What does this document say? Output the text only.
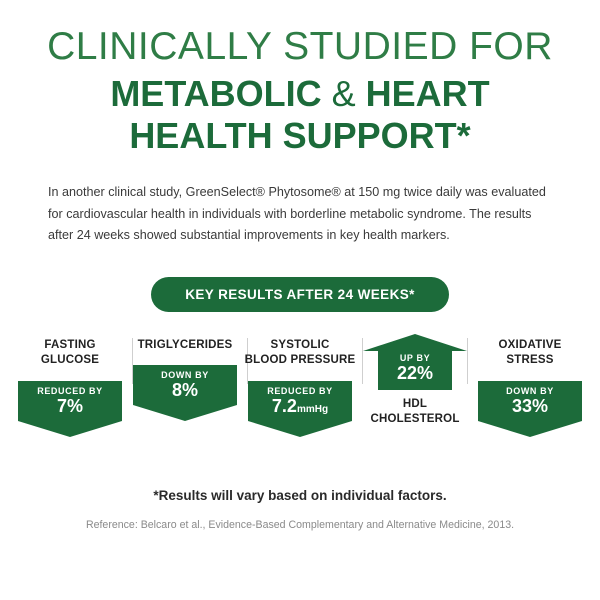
CLINICALLY STUDIED FOR
METABOLIC & HEART
HEALTH SUPPORT*

In another clinical study, GreenSelect® Phytosome® at 150 mg twice daily was evaluated for cardiovascular health in individuals with borderline metabolic syndrome. The results after 24 weeks showed substantial improvements in key health markers.

KEY RESULTS AFTER 24 WEEKS*
FASTING
GLUCOSE
REDUCED BY
7%
TRIGLYCERIDES
DOWN BY
8%
SYSTOLIC
BLOOD PRESSURE
REDUCED BY
7.2mmHg
UP BY
22%
HDL
CHOLESTEROL
OXIDATIVE
STRESS
DOWN BY
33%
*Results will vary based on individual factors.
Reference: Belcaro et al., Evidence-Based Complementary and Alternative Medicine, 2013.
